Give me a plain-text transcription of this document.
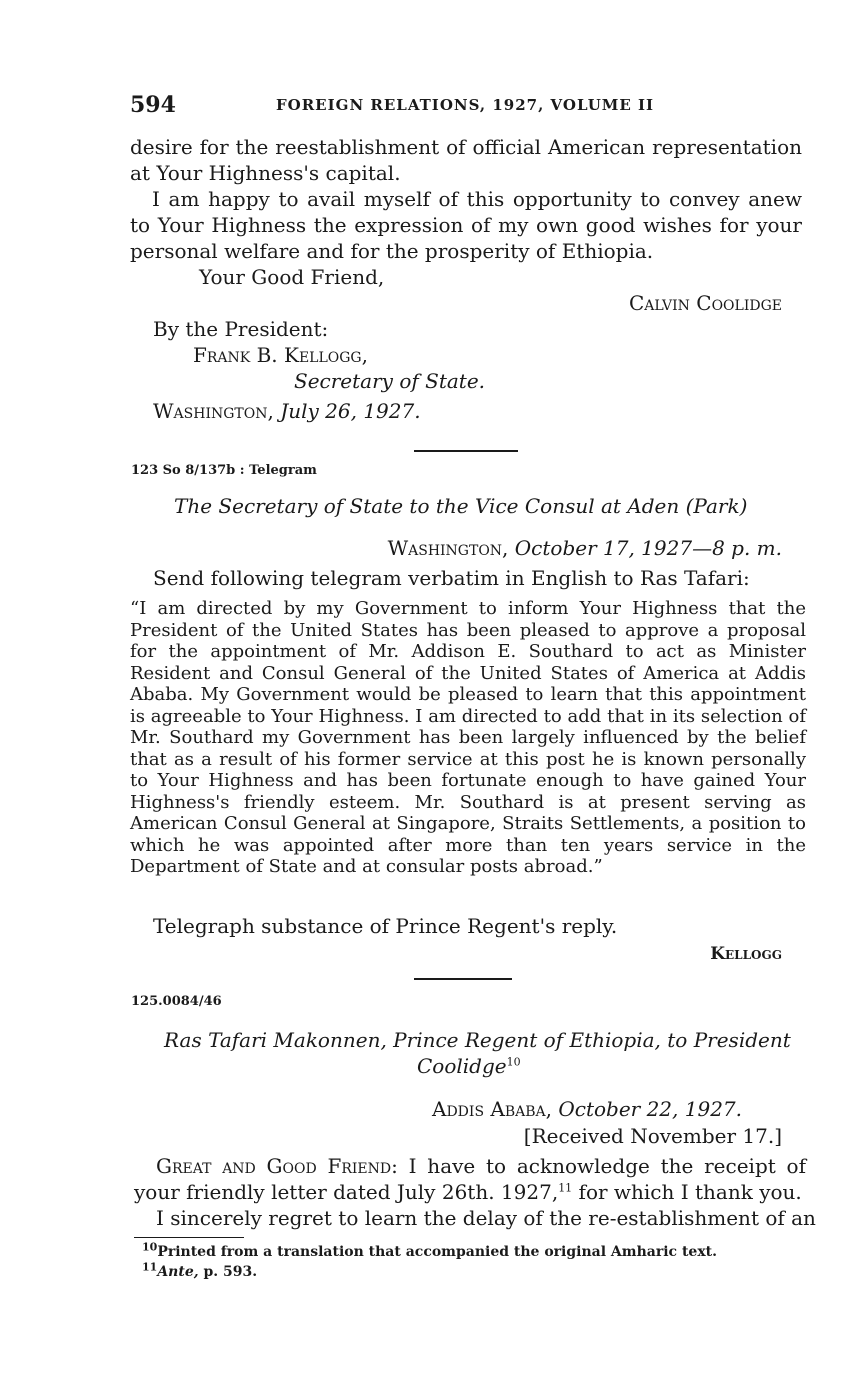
594	FOREIGN RELATIONS, 1927, VOLUME II
desire for the reestablishment of official American representation at Your Highness's capital.
I am happy to avail myself of this opportunity to convey anew to Your Highness the expression of my own good wishes for your personal welfare and for the prosperity of Ethiopia.
Your Good Friend,
Calvin Coolidge
By the President:
Frank B. Kellogg,
Secretary of State.
Washington, July 26, 1927.
123 So 8/137b : Telegram
The Secretary of State to the Vice Consul at Aden (Park)
Washington, October 17, 1927—8 p. m.
Send following telegram verbatim in English to Ras Tafari:
“I am directed by my Government to inform Your Highness that the President of the United States has been pleased to approve a proposal for the appointment of Mr. Addison E. Southard to act as Minister Resident and Consul General of the United States of America at Addis Ababa. My Government would be pleased to learn that this appointment is agreeable to Your Highness. I am directed to add that in its selection of Mr. Southard my Government has been largely influenced by the belief that as a result of his former service at this post he is known personally to Your Highness and has been fortunate enough to have gained Your Highness's friendly esteem. Mr. Southard is at present serving as American Consul General at Singapore, Straits Settlements, a position to which he was appointed after more than ten years service in the Department of State and at consular posts abroad.”
Telegraph substance of Prince Regent's reply.
Kellogg
125.0084/46
Ras Tafari Makonnen, Prince Regent of Ethiopia, to President
Coolidge$^{10}$
Addis Ababa, October 22, 1927.
[Received November 17.]
Great and Good Friend: I have to acknowledge the receipt of your friendly letter dated July 26th. 1927,11 for which I thank you.
I sincerely regret to learn the delay of the re-establishment of an
$^{10}$Printed from a translation that accompanied the original Amharic text.
$^{11}$Ante, p. 593.
